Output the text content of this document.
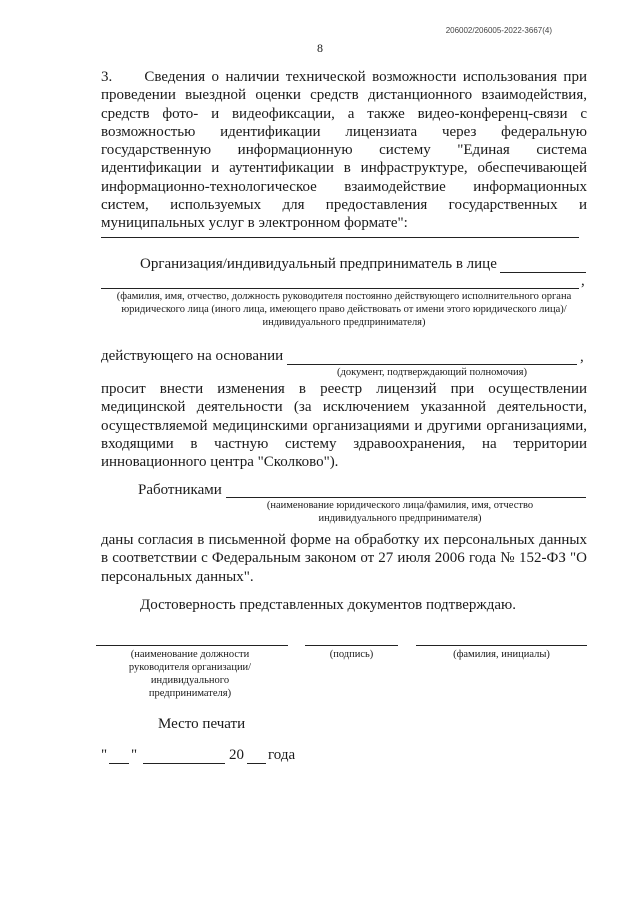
206002/206005-2022-3667(4)
8
3.     Сведения о наличии технической возможности использования при проведении выездной оценки средств дистанционного взаимодействия, средств фото- и видеофиксации, а также видео-конференц-связи с возможностью идентификации лицензиата через федеральную государственную информационную систему "Единая система идентификации и аутентификации в инфраструктуре, обеспечивающей информационно-технологическое взаимодействие информационных систем, используемых для предоставления государственных и муниципальных услуг в электронном формате":
Организация/индивидуальный предприниматель в лице
,
(фамилия, имя, отчество, должность руководителя постоянно действующего исполнительного органа юридического лица (иного лица, имеющего право действовать от имени этого юридического лица)/индивидуального предпринимателя)
действующего на основании	,
(документ, подтверждающий полномочия)
просит внести изменения в реестр лицензий при осуществлении медицинской деятельности (за исключением указанной деятельности, осуществляемой медицинскими организациями и другими организациями, входящими в частную систему здравоохранения, на территории инновационного центра "Сколково").
Работниками
(наименование юридического лица/фамилия, имя, отчество индивидуального предпринимателя)
даны согласия в письменной форме на обработку их персональных данных в соответствии с Федеральным законом от 27 июля 2006 года № 152-ФЗ "О персональных данных".
Достоверность представленных документов подтверждаю.
(наименование должности руководителя организации/индивидуального предпринимателя)
(подпись)	(фамилия, инициалы)
Место печати
" "	20 года
